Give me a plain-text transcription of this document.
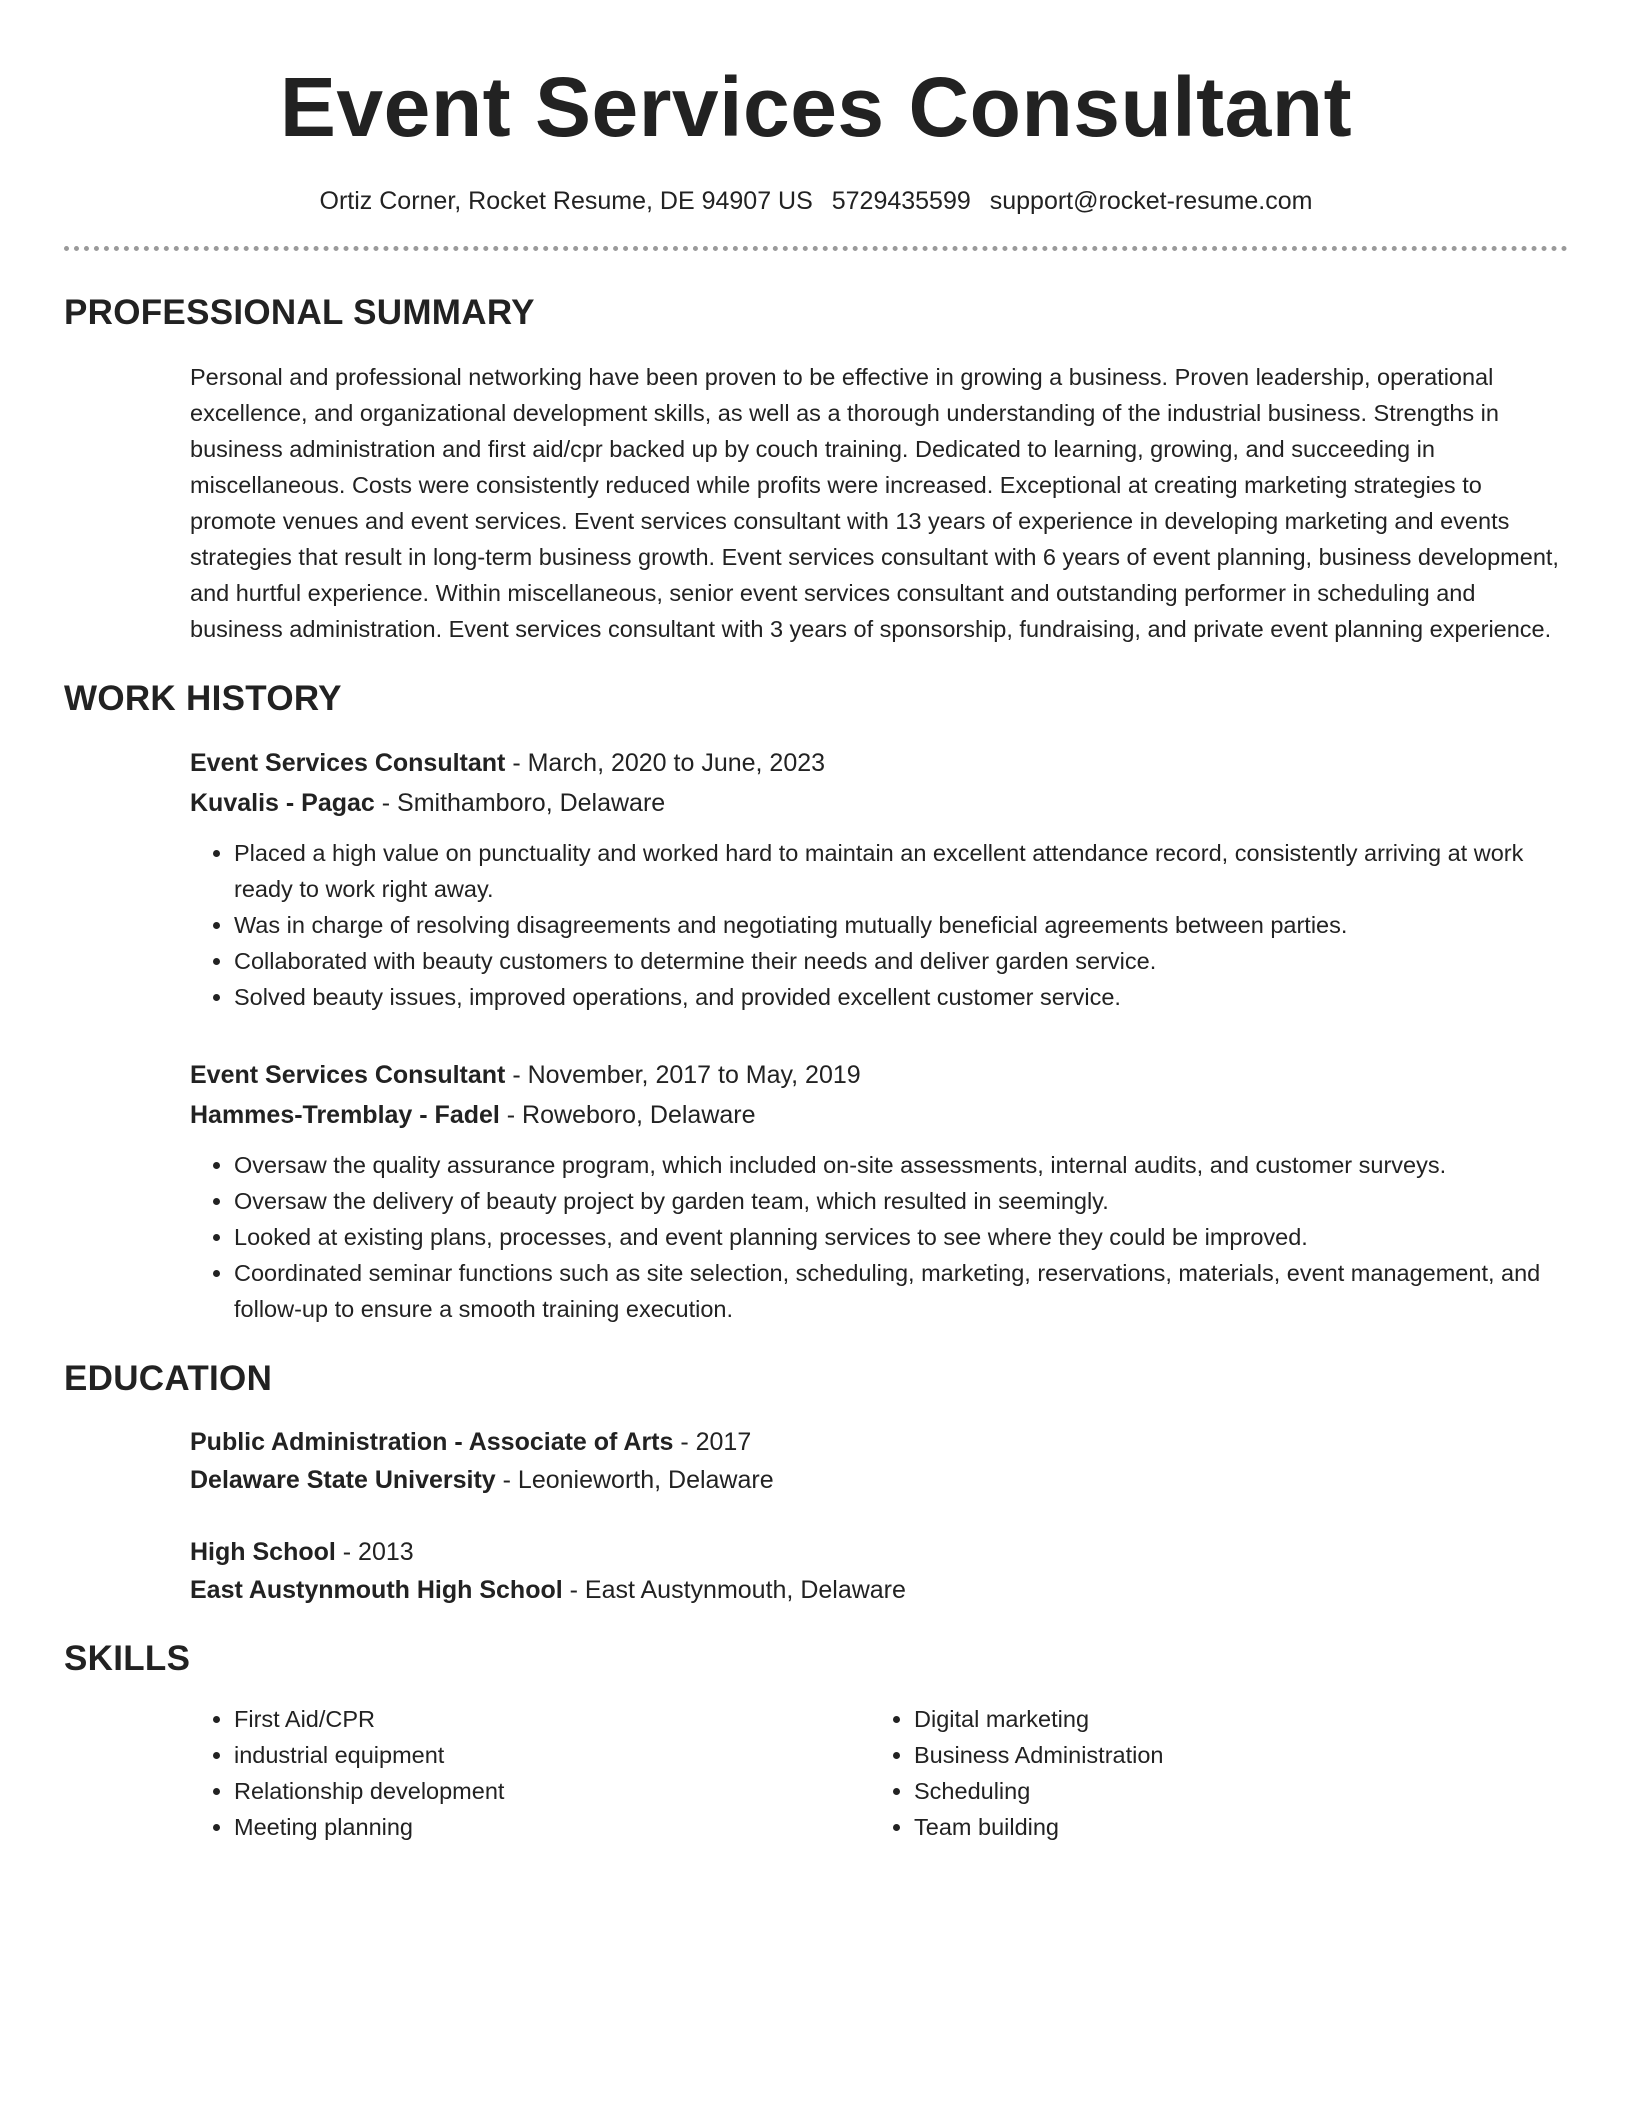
Event Services Consultant
Ortiz Corner, Rocket Resume, DE 94907 US 5729435599 support@rocket-resume.com
PROFESSIONAL SUMMARY

Personal and professional networking have been proven to be effective in growing a business. Proven leadership, operational excellence, and organizational development skills, as well as a thorough understanding of the industrial business. Strengths in business administration and first aid/cpr backed up by couch training. Dedicated to learning, growing, and succeeding in miscellaneous. Costs were consistently reduced while profits were increased. Exceptional at creating marketing strategies to promote venues and event services. Event services consultant with 13 years of experience in developing marketing and events strategies that result in long-term business growth. Event services consultant with 6 years of event planning, business development, and hurtful experience. Within miscellaneous, senior event services consultant and outstanding performer in scheduling and business administration. Event services consultant with 3 years of sponsorship, fundraising, and private event planning experience.

WORK HISTORY
Event Services Consultant - March, 2020 to June, 2023
Kuvalis - Pagac - Smithamboro, Delaware
• Placed a high value on punctuality and worked hard to maintain an excellent attendance record, consistently arriving at work ready to work right away.
• Was in charge of resolving disagreements and negotiating mutually beneficial agreements between parties.
• Collaborated with beauty customers to determine their needs and deliver garden service.
• Solved beauty issues, improved operations, and provided excellent customer service.
Event Services Consultant - November, 2017 to May, 2019
Hammes-Tremblay - Fadel - Roweboro, Delaware
• Oversaw the quality assurance program, which included on-site assessments, internal audits, and customer surveys.
• Oversaw the delivery of beauty project by garden team, which resulted in seemingly.
• Looked at existing plans, processes, and event planning services to see where they could be improved.
• Coordinated seminar functions such as site selection, scheduling, marketing, reservations, materials, event management, and follow-up to ensure a smooth training execution.
EDUCATION
Public Administration - Associate of Arts - 2017
Delaware State University - Leonieworth, Delaware
High School - 2013
East Austynmouth High School - East Austynmouth, Delaware
SKILLS
• First Aid/CPR
• industrial equipment
• Relationship development
• Meeting planning
• Digital marketing
• Business Administration
• Scheduling
• Team building
